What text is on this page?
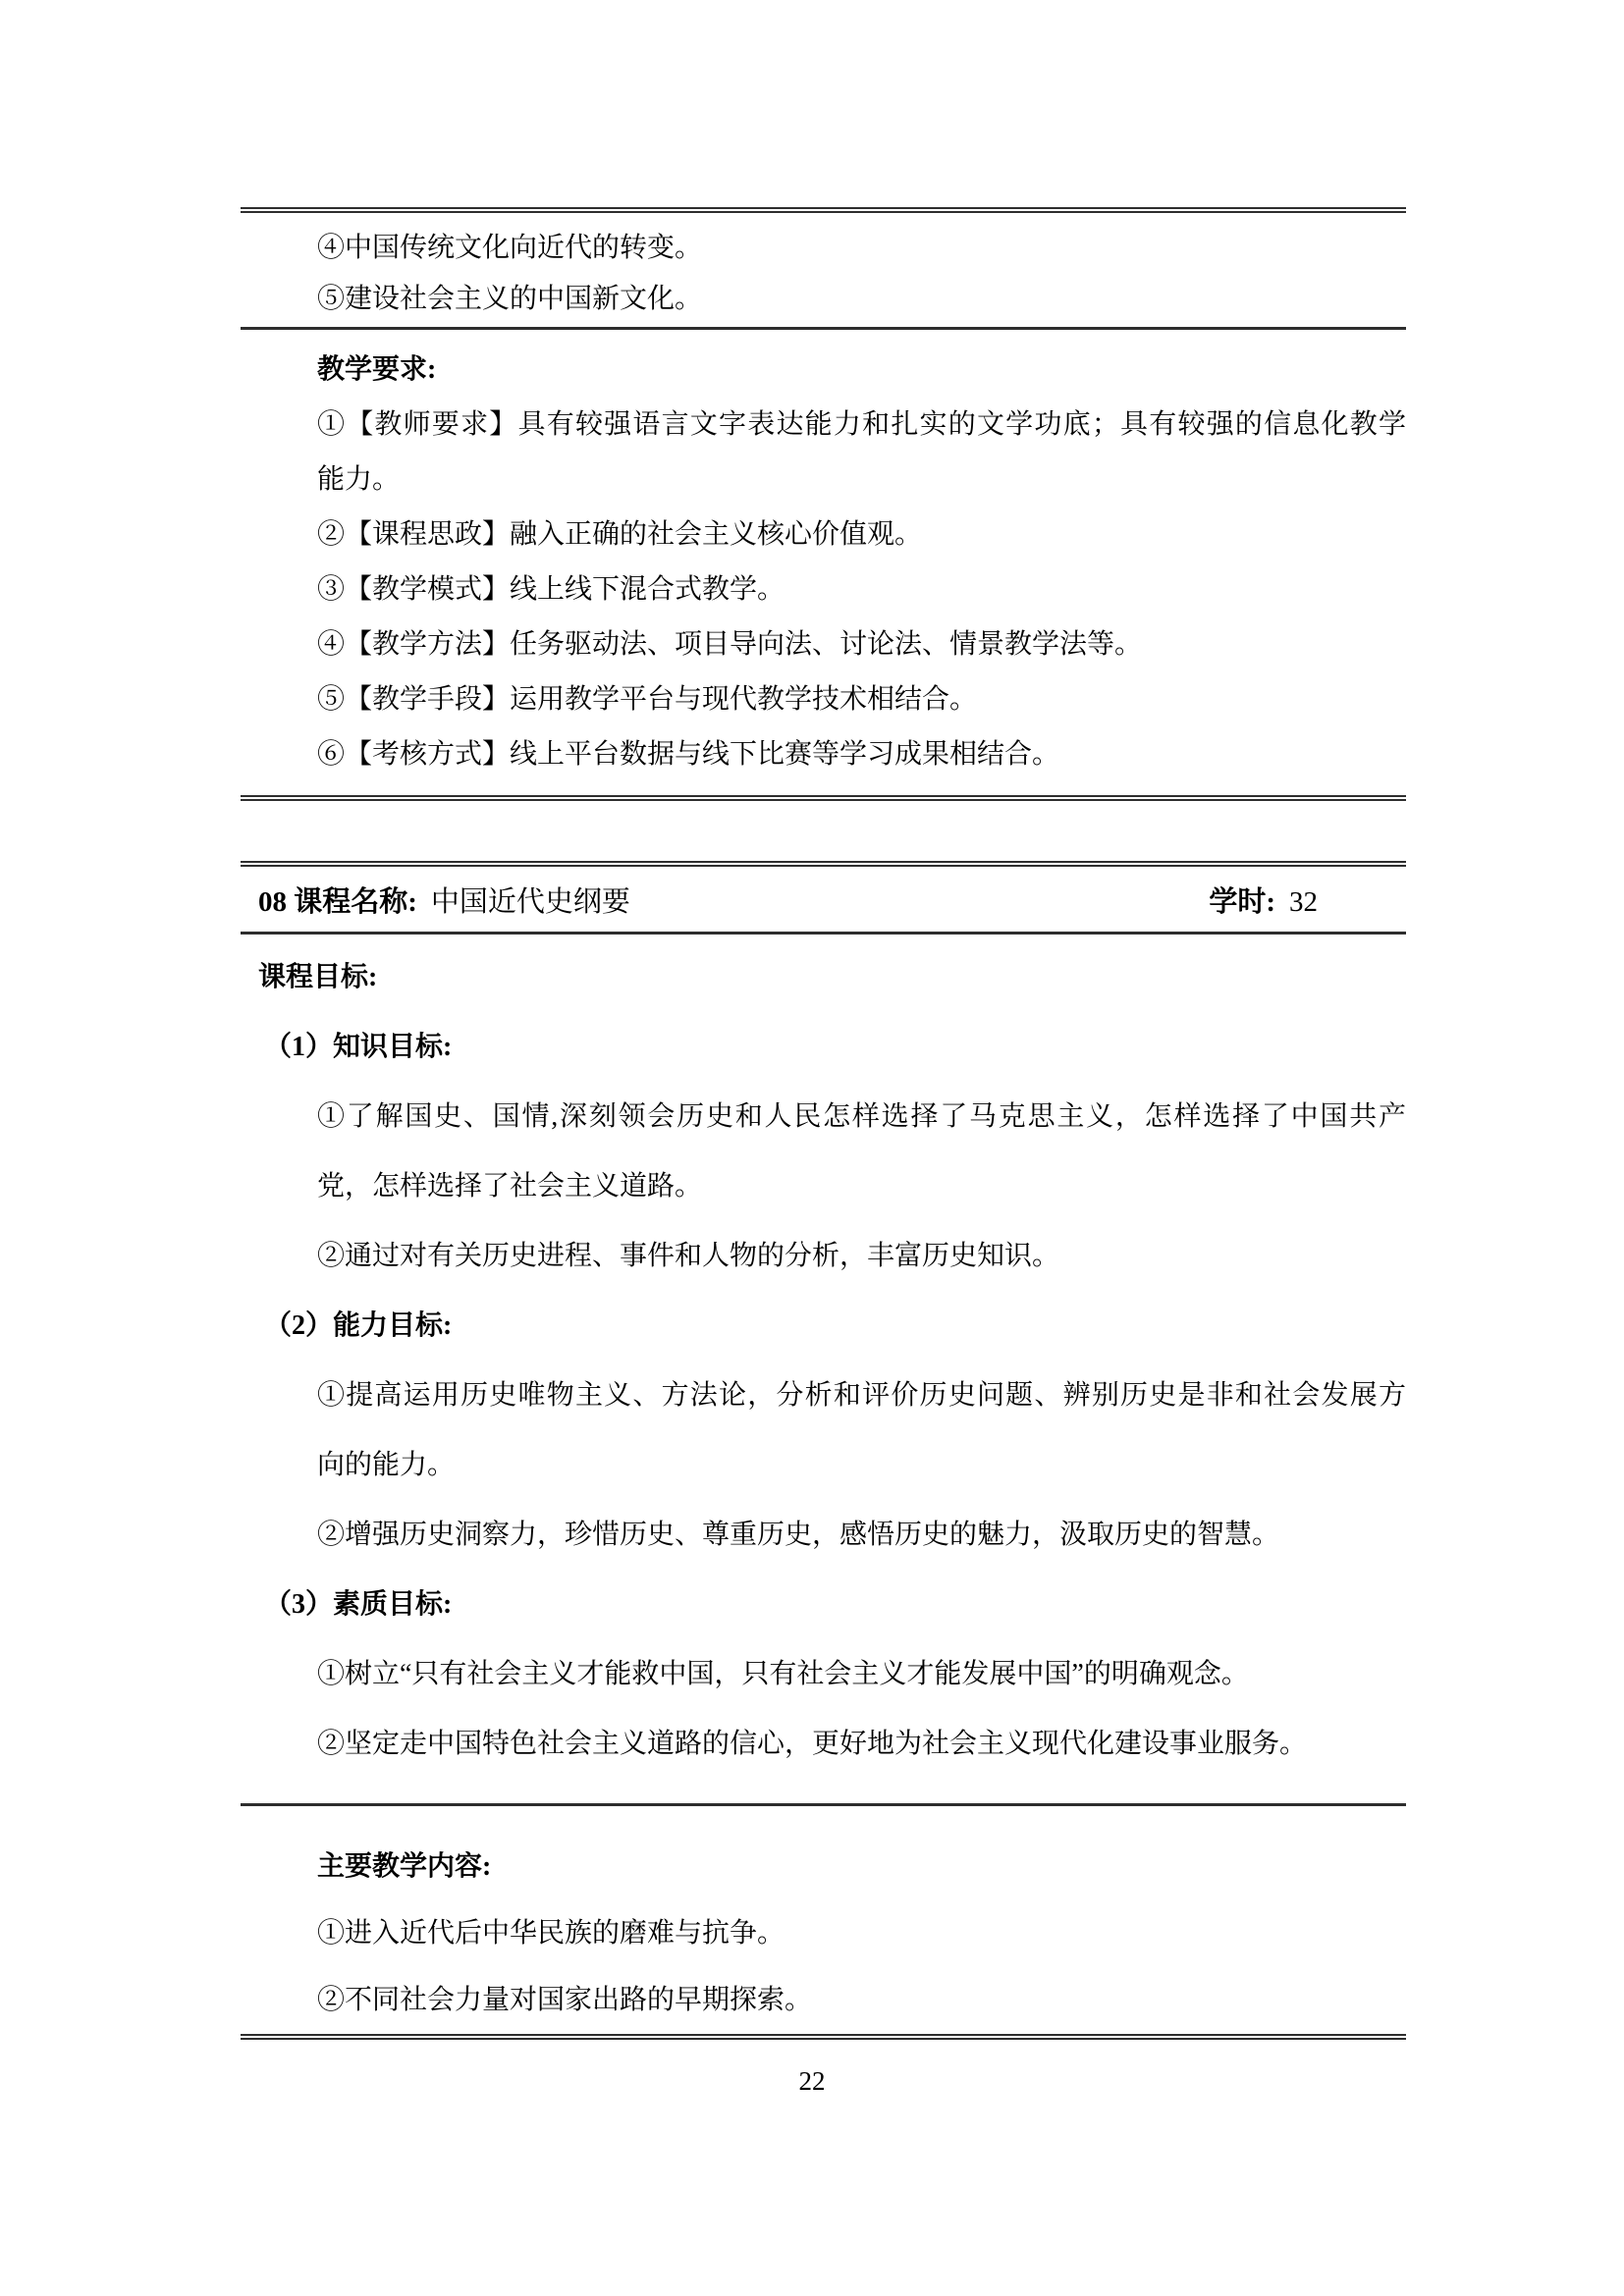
④中国传统文化向近代的转变。

⑤建设社会主义的中国新文化。

教学要求:

①【教师要求】具有较强语言文字表达能力和扎实的文学功底；具有较强的信息化教学

能力。

②【课程思政】融入正确的社会主义核心价值观。

③【教学模式】线上线下混合式教学。

④【教学方法】任务驱动法、项目导向法、讨论法、情景教学法等。

⑤【教学手段】运用教学平台与现代教学技术相结合。

⑥【考核方式】线上平台数据与线下比赛等学习成果相结合。

08 课程名称: 中国近代史纲要	学时: 32

课程目标:

（1）知识目标:

①了解国史、国情,深刻领会历史和人民怎样选择了马克思主义，怎样选择了中国共产

党，怎样选择了社会主义道路。

②通过对有关历史进程、事件和人物的分析，丰富历史知识。

（2）能力目标:

①提高运用历史唯物主义、方法论，分析和评价历史问题、辨别历史是非和社会发展方

向的能力。

②增强历史洞察力，珍惜历史、尊重历史，感悟历史的魅力，汲取历史的智慧。

（3）素质目标:

①树立“只有社会主义才能救中国，只有社会主义才能发展中国”的明确观念。

②坚定走中国特色社会主义道路的信心，更好地为社会主义现代化建设事业服务。

主要教学内容:

①进入近代后中华民族的磨难与抗争。

②不同社会力量对国家出路的早期探索。

22
